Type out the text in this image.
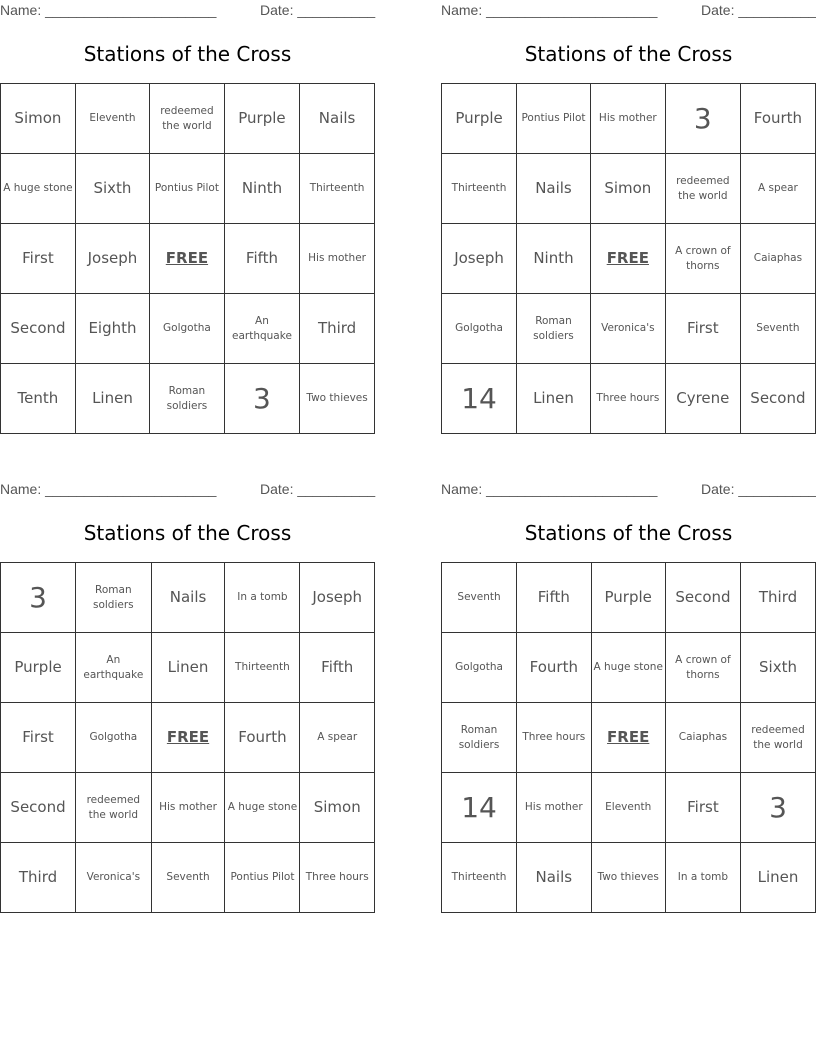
Name: ______________________	Date: __________
Stations of the Cross
Simon	Eleventh	redeemed the world	Purple	Nails
A huge stone	Sixth	Pontius Pilot	Ninth	Thirteenth
First	Joseph	FREE	Fifth	His mother
Second	Eighth	Golgotha	An earthquake	Third
Tenth	Linen	Roman soldiers	3	Two thieves
Name: ______________________	Date: __________
Stations of the Cross
Purple	Pontius Pilot	His mother	3	Fourth
Thirteenth	Nails	Simon	redeemed the world	A spear
Joseph	Ninth	FREE	A crown of thorns	Caiaphas
Golgotha	Roman soldiers	Veronica's	First	Seventh
14	Linen	Three hours	Cyrene	Second
Name: ______________________	Date: __________
Stations of the Cross
3	Roman soldiers	Nails	In a tomb	Joseph
Purple	An earthquake	Linen	Thirteenth	Fifth
First	Golgotha	FREE	Fourth	A spear
Second	redeemed the world	His mother	A huge stone	Simon
Third	Veronica's	Seventh	Pontius Pilot	Three hours
Name: ______________________	Date: __________
Stations of the Cross
Seventh	Fifth	Purple	Second	Third
Golgotha	Fourth	A huge stone	A crown of thorns	Sixth
Roman soldiers	Three hours	FREE	Caiaphas	redeemed the world
14	His mother	Eleventh	First	3
Thirteenth	Nails	Two thieves	In a tomb	Linen
